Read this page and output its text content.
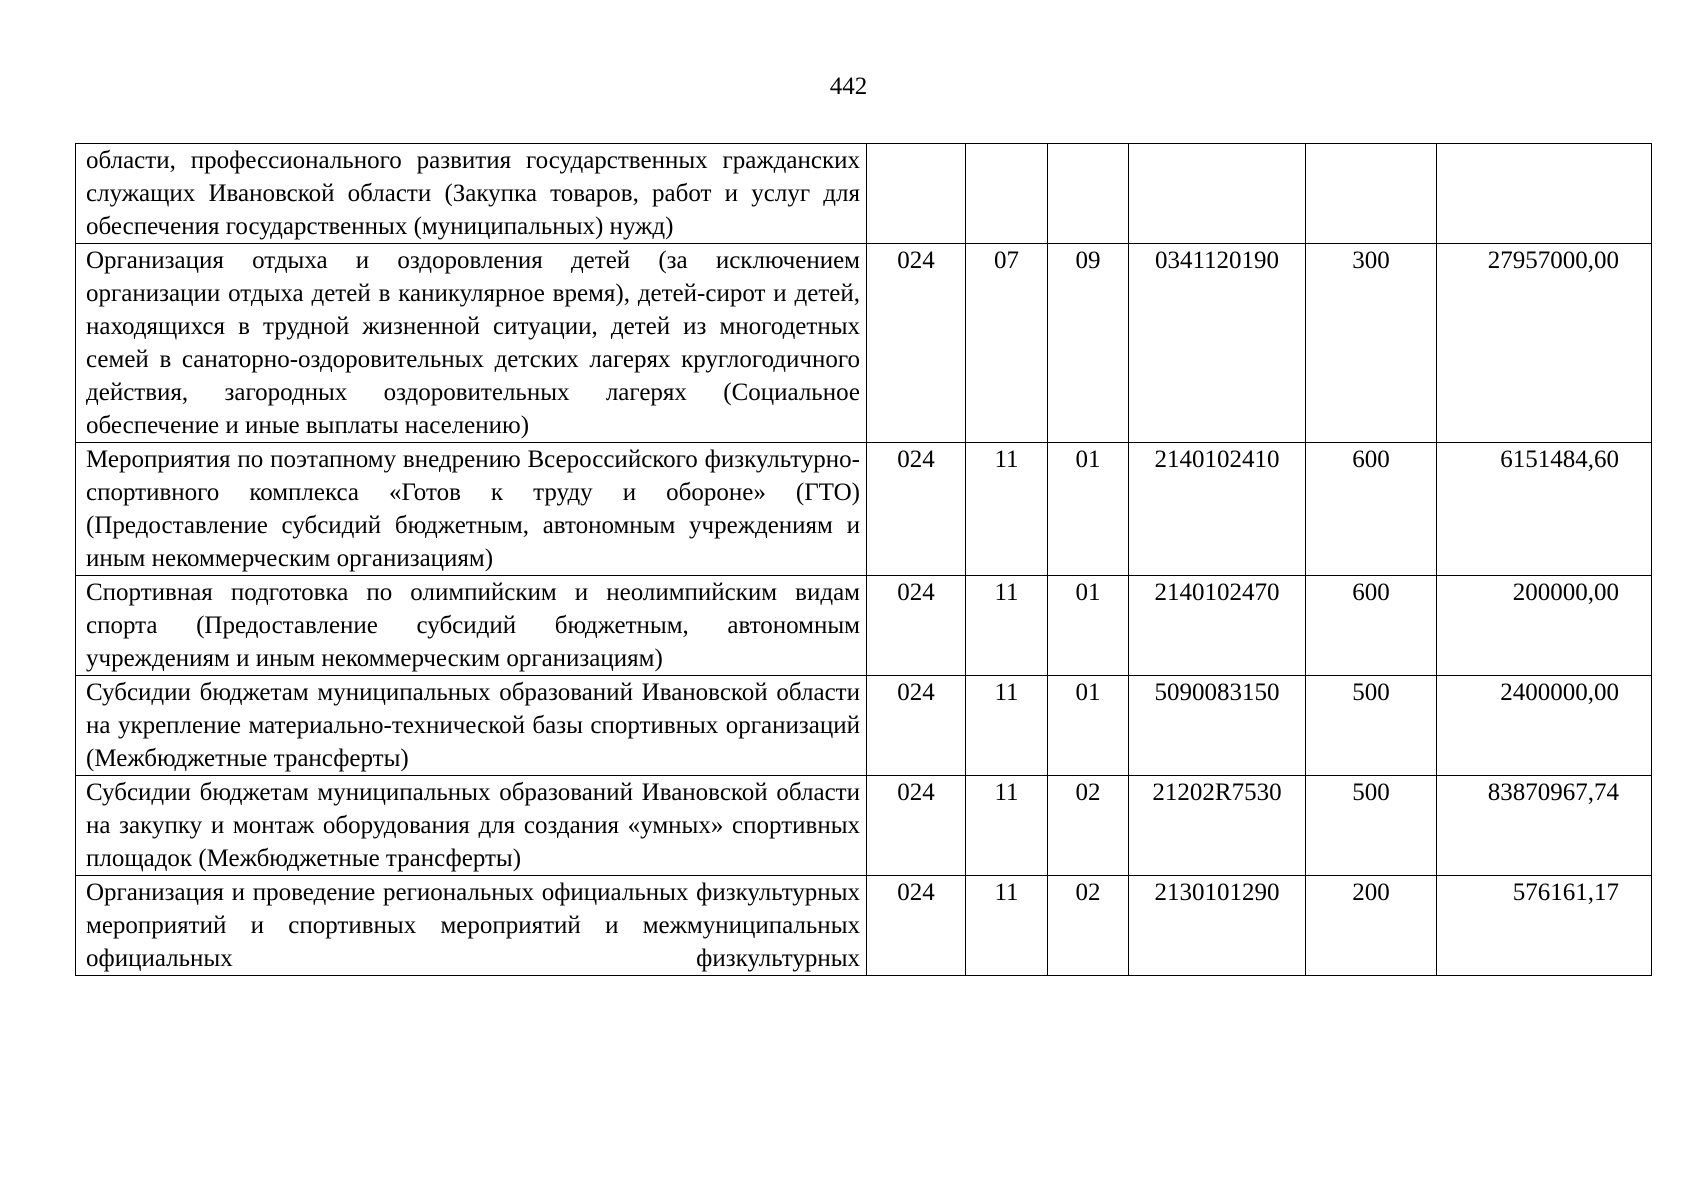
442
области, профессионального развития государственных гражданских служащих Ивановской области (Закупка товаров, работ и услуг для обеспечения государственных (муниципальных) нужд)						
Организация отдыха и оздоровления детей (за исключением организации отдыха детей в каникулярное время), детей-сирот и детей, находящихся в трудной жизненной ситуации, детей из многодетных семей в санаторно-оздоровительных детских лагерях круглогодичного действия, загородных оздоровительных лагерях (Социальное обеспечение и иные выплаты населению)	024	07	09	0341120190	300	27957000,00
Мероприятия по поэтапному внедрению Всероссийского физкультурно-спортивного комплекса «Готов к труду и обороне» (ГТО) (Предоставление субсидий бюджетным, автономным учреждениям и иным некоммерческим организациям)	024	11	01	2140102410	600	6151484,60
Спортивная подготовка по олимпийским и неолимпийским видам спорта (Предоставление субсидий бюджетным, автономным учреждениям и иным некоммерческим организациям)	024	11	01	2140102470	600	200000,00
Субсидии бюджетам муниципальных образований Ивановской области на укрепление материально-технической базы спортивных организаций (Межбюджетные трансферты)	024	11	01	5090083150	500	2400000,00
Субсидии бюджетам муниципальных образований Ивановской области на закупку и монтаж оборудования для создания «умных» спортивных площадок (Межбюджетные трансферты)	024	11	02	21202R7530	500	83870967,74
Организация и проведение региональных официальных физкультурных мероприятий и спортивных мероприятий и межмуниципальных официальных физкультурных	024	11	02	2130101290	200	576161,17
